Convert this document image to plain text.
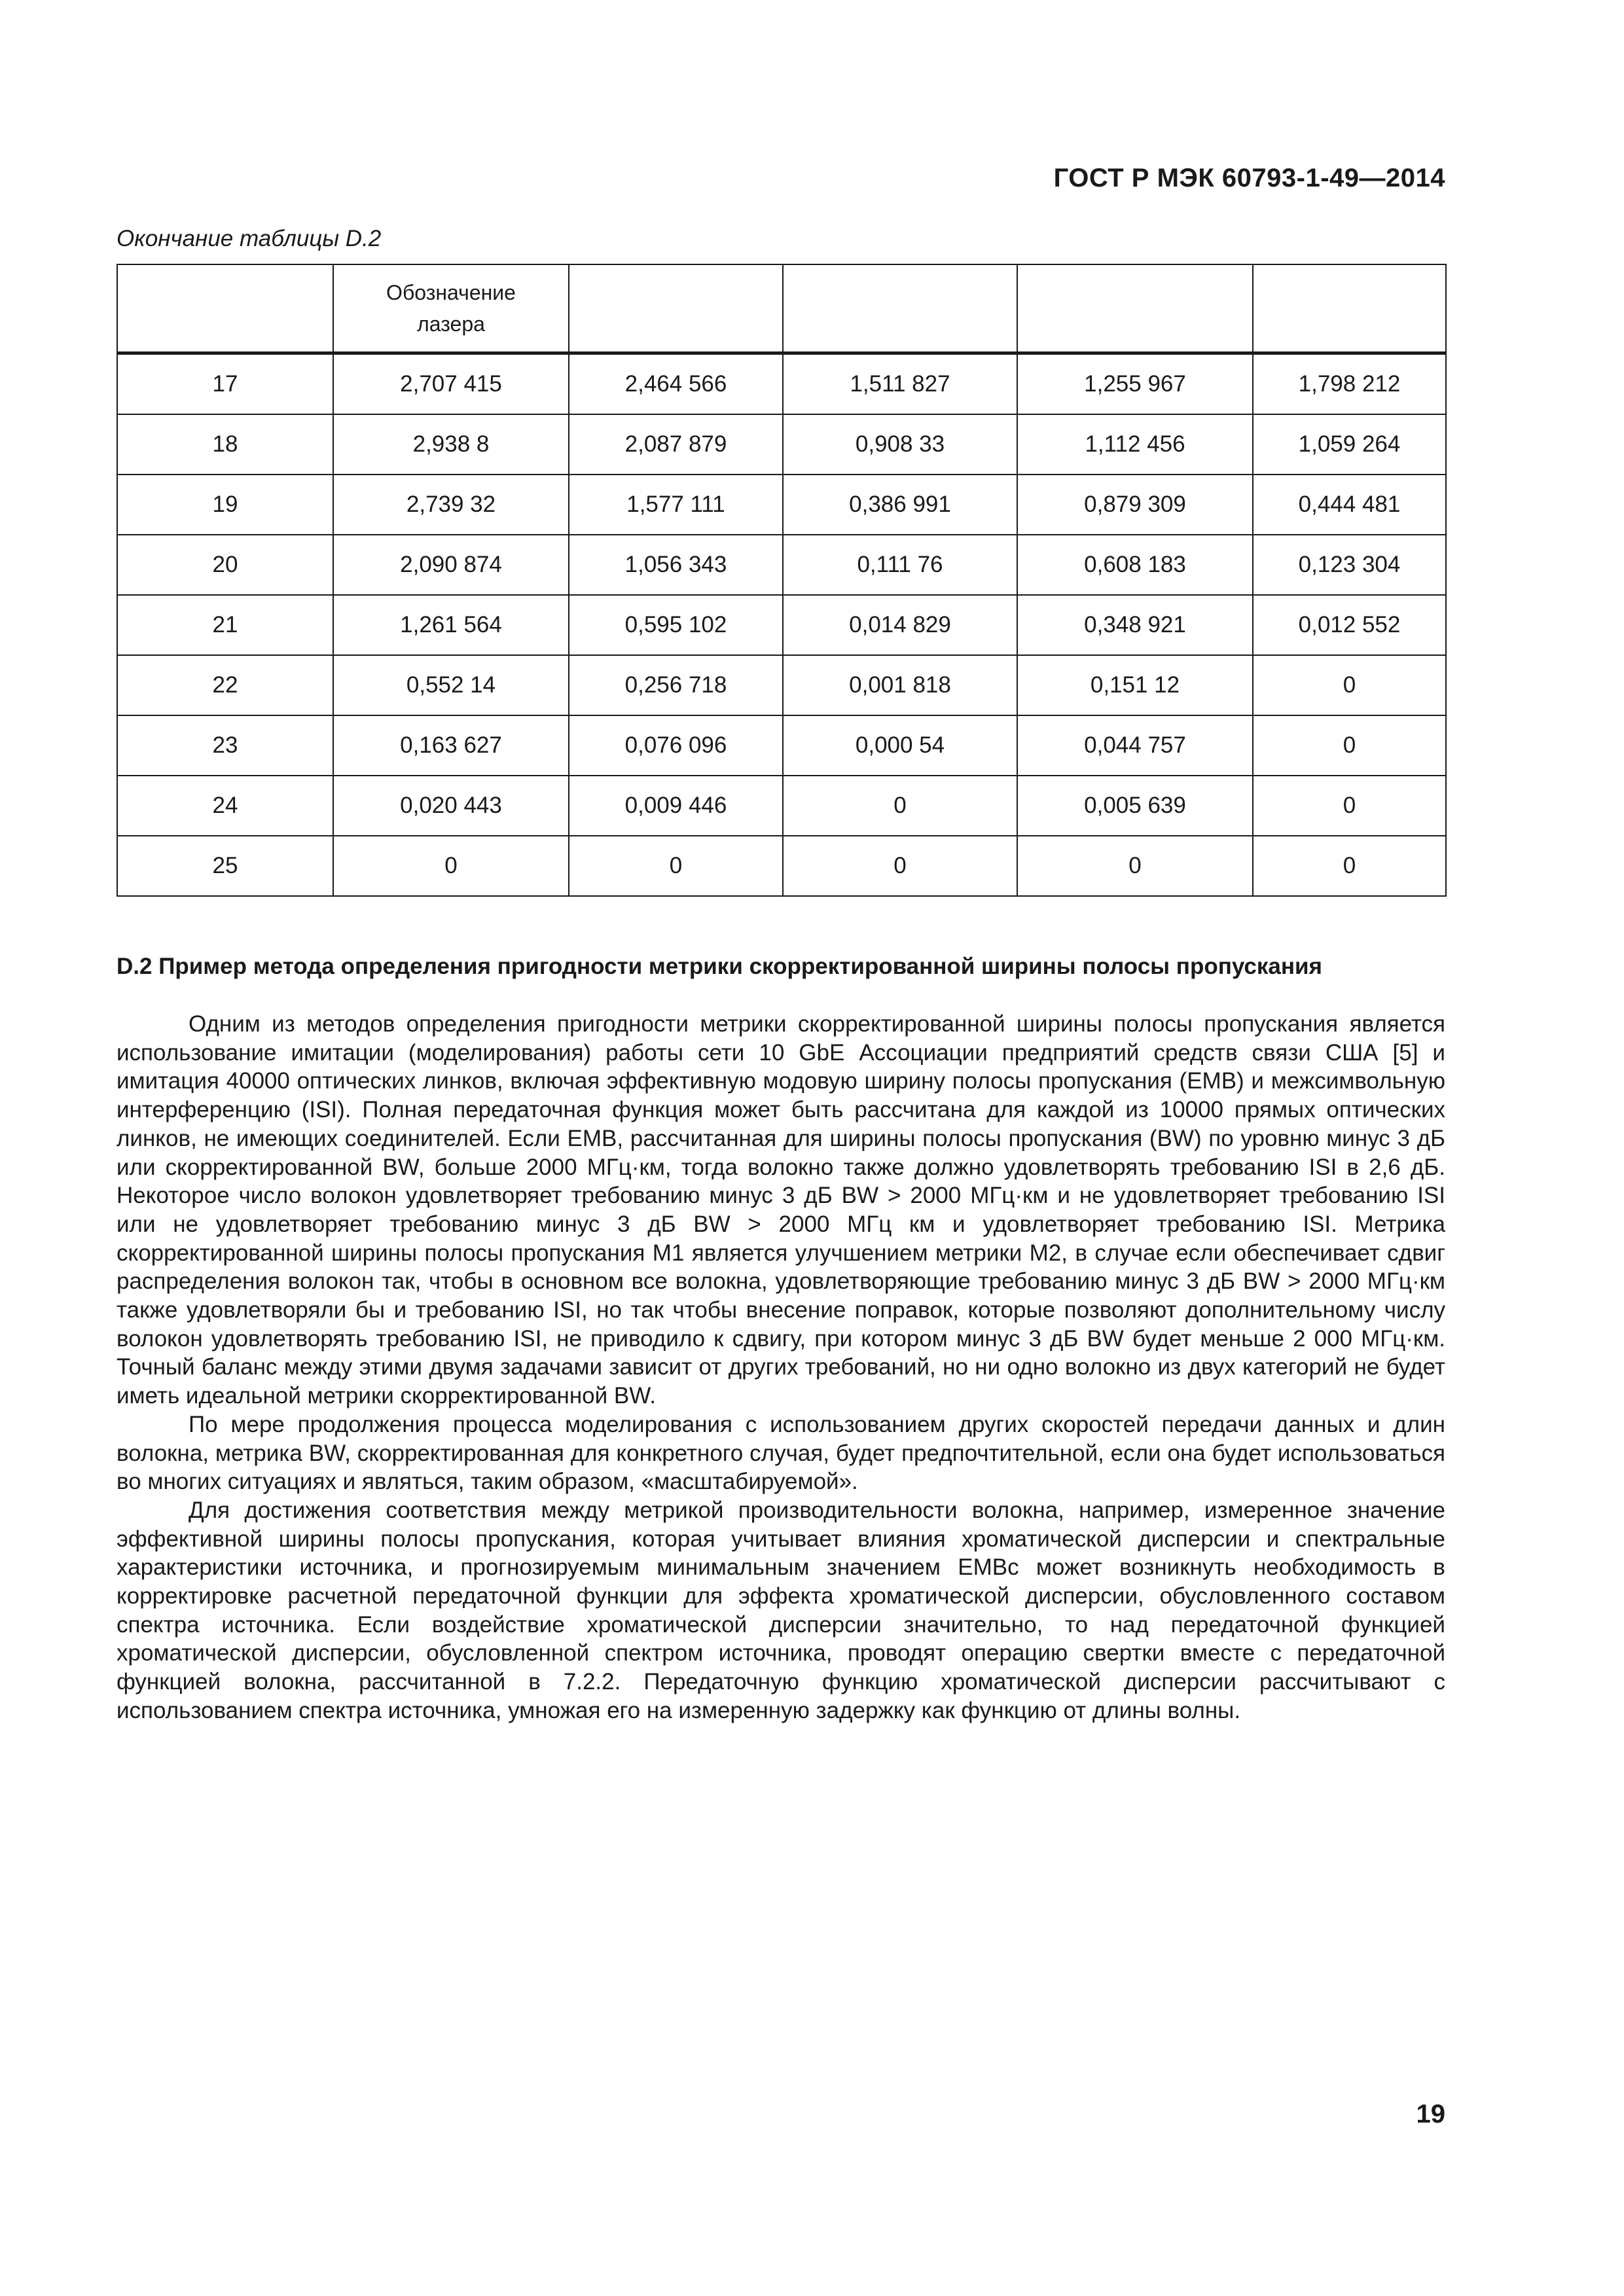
ГОСТ Р МЭК 60793-1-49—2014
Окончание таблицы D.2

	Обозначение лазера				

17	2,707 415	2,464 566	1,511 827	1,255 967	1,798 212
18	2,938 8	2,087 879	0,908 33	1,112 456	1,059 264
19	2,739 32	1,577 111	0,386 991	0,879 309	0,444 481
20	2,090 874	1,056 343	0,111 76	0,608 183	0,123 304
21	1,261 564	0,595 102	0,014 829	0,348 921	0,012 552
22	0,552 14	0,256 718	0,001 818	0,151 12	0
23	0,163 627	0,076 096	0,000 54	0,044 757	0
24	0,020 443	0,009 446	0	0,005 639	0
25	0	0	0	0	0
D.2 Пример метода определения пригодности метрики скорректированной ширины полосы пропускания

Одним из методов определения пригодности метрики скорректированной ширины полосы пропускания является использование имитации (моделирования) работы сети 10 GbE Ассоциации предприятий средств связи США [5] и имитация 40000 оптических линков, включая эффективную модовую ширину полосы пропускания (EMB) и межсимвольную интерференцию (ISI). Полная передаточная функция может быть рассчитана для каждой из 10000 прямых оптических линков, не имеющих соединителей. Если EMB, рассчитанная для ширины полосы пропускания (BW) по уровню минус 3 дБ или скорректированной BW, больше 2000 МГц·км, тогда волокно также должно удовлетворять требованию ISI в 2,6 дБ. Некоторое число волокон удовлетворяет требованию минус 3 дБ BW > 2000 МГц·км и не удовлетворяет требованию ISI или не удовлетворяет требованию минус 3 дБ BW > 2000 МГц км и удовлетворяет требованию ISI. Метрика скорректированной ширины полосы пропускания M1 является улучшением метрики M2, в случае если обеспечивает сдвиг распределения волокон так, чтобы в основном все волокна, удовлетворяющие требованию минус 3 дБ BW > 2000 МГц·км также удовлетворяли бы и требованию ISI, но так чтобы внесение поправок, которые позволяют дополнительному числу волокон удовлетворять требованию ISI, не приводило к сдвигу, при котором минус 3 дБ BW будет меньше 2 000 МГц·км. Точный баланс между этими двумя задачами зависит от других требований, но ни одно волокно из двух категорий не будет иметь идеальной метрики скорректированной BW.

По мере продолжения процесса моделирования с использованием других скоростей передачи данных и длин волокна, метрика BW, скорректированная для конкретного случая, будет предпочтительной, если она будет использоваться во многих ситуациях и являться, таким образом, «масштабируемой».

Для достижения соответствия между метрикой производительности волокна, например, измеренное значение эффективной ширины полосы пропускания, которая учитывает влияния хроматической дисперсии и спектральные характеристики источника, и прогнозируемым минимальным значением EMBc может возникнуть необходимость в корректировке расчетной передаточной функции для эффекта хроматической дисперсии, обусловленного составом спектра источника. Если воздействие хроматической дисперсии значительно, то над передаточной функцией хроматической дисперсии, обусловленной спектром источника, проводят операцию свертки вместе с передаточной функцией волокна, рассчитанной в 7.2.2. Передаточную функцию хроматической дисперсии рассчитывают с использованием спектра источника, умножая его на измеренную задержку как функцию от длины волны.

19
